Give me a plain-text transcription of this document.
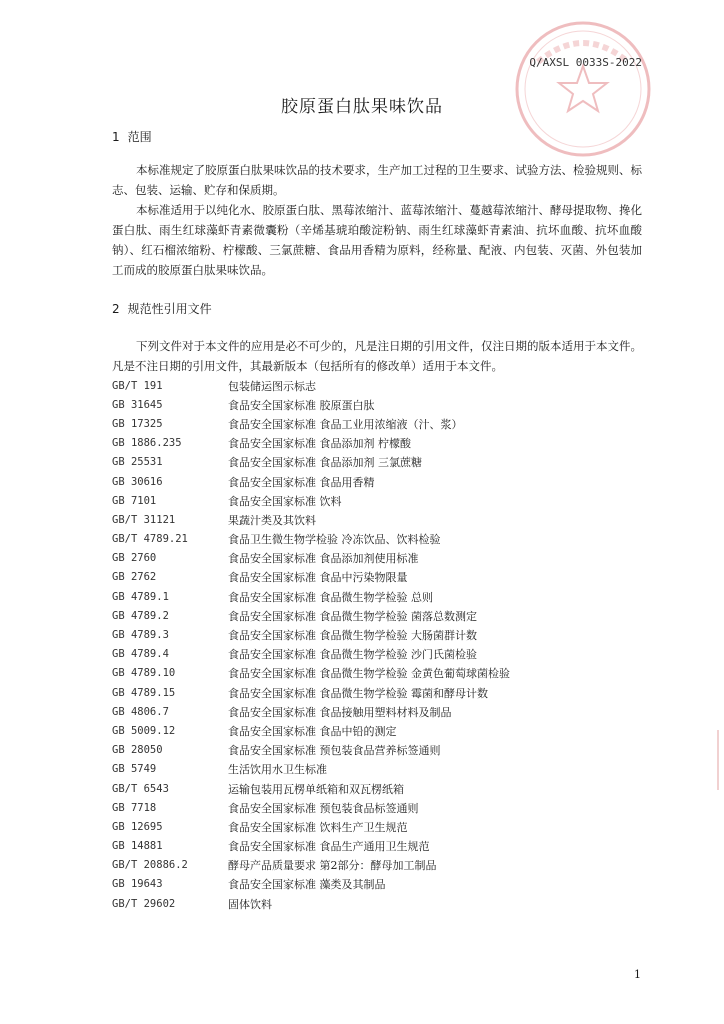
Q/AXSL 0033S-2022
胶原蛋白肽果味饮品
1 范围

本标准规定了胶原蛋白肽果味饮品的技术要求，生产加工过程的卫生要求、试验方法、检验规则、标志、包装、运输、贮存和保质期。

本标准适用于以纯化水、胶原蛋白肽、黑莓浓缩汁、蓝莓浓缩汁、蔓越莓浓缩汁、酵母提取物、搀化蛋白肽、雨生红球藻虾青素微囊粉（辛烯基琥珀酸淀粉钠、雨生红球藻虾青素油、抗坏血酸、抗坏血酸钠）、红石榴浓缩粉、柠檬酸、三氯蔗糖、食品用香精为原料，经称量、配液、内包装、灭菌、外包装加工而成的胶原蛋白肽果味饮品。

2 规范性引用文件

下列文件对于本文件的应用是必不可少的，凡是注日期的引用文件，仅注日期的版本适用于本文件。凡是不注日期的引用文件，其最新版本（包括所有的修改单）适用于本文件。

GB/T 191	包装储运图示标志
GB 31645	食品安全国家标准 胶原蛋白肽
GB 17325	食品安全国家标准 食品工业用浓缩液（汁、浆）
GB 1886.235	食品安全国家标准 食品添加剂 柠檬酸
GB 25531	食品安全国家标准 食品添加剂 三氯蔗糖
GB 30616	食品安全国家标准 食品用香精
GB 7101	食品安全国家标准 饮料
GB/T 31121	果蔬汁类及其饮料
GB/T 4789.21	食品卫生微生物学检验 冷冻饮品、饮料检验
GB 2760	食品安全国家标准 食品添加剂使用标准
GB 2762	食品安全国家标准 食品中污染物限量
GB 4789.1	食品安全国家标准 食品微生物学检验 总则
GB 4789.2	食品安全国家标准 食品微生物学检验 菌落总数测定
GB 4789.3	食品安全国家标准 食品微生物学检验 大肠菌群计数
GB 4789.4	食品安全国家标准 食品微生物学检验 沙门氏菌检验
GB 4789.10	食品安全国家标准 食品微生物学检验 金黄色葡萄球菌检验
GB 4789.15	食品安全国家标准 食品微生物学检验 霉菌和酵母计数
GB 4806.7	食品安全国家标准 食品接触用塑料材料及制品
GB 5009.12	食品安全国家标准 食品中铅的测定
GB 28050	食品安全国家标准 预包装食品营养标签通则
GB 5749	生活饮用水卫生标准
GB/T 6543	运输包装用瓦楞单纸箱和双瓦楞纸箱
GB 7718	食品安全国家标准 预包装食品标签通则
GB 12695	食品安全国家标准 饮料生产卫生规范
GB 14881	食品安全国家标准 食品生产通用卫生规范
GB/T 20886.2	酵母产品质量要求 第2部分：酵母加工制品
GB 19643	食品安全国家标准 藻类及其制品
GB/T 29602	固体饮料
1
